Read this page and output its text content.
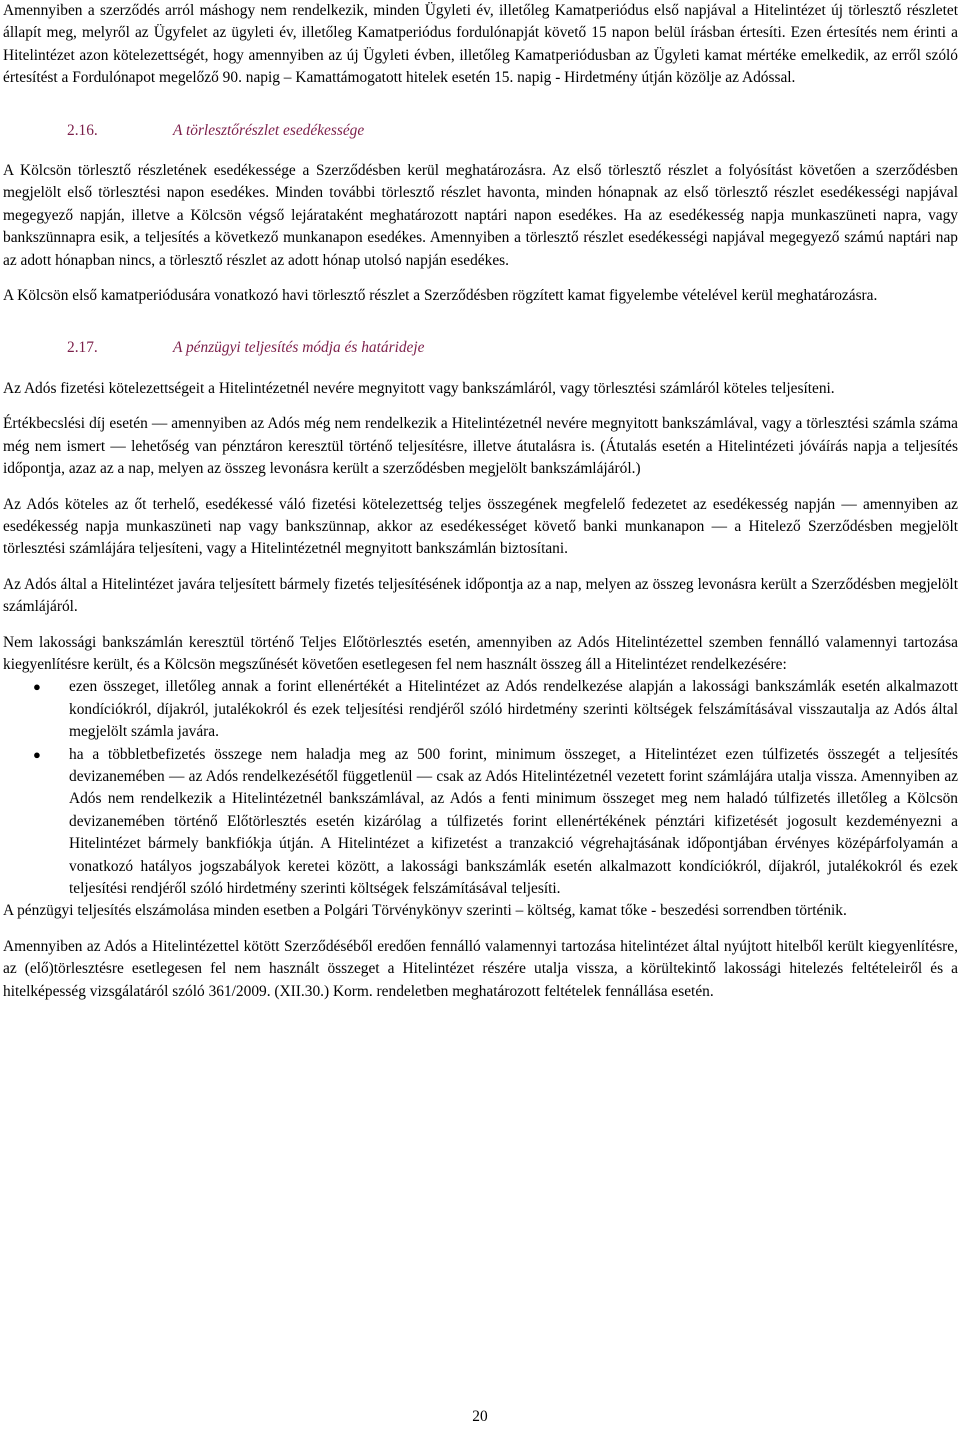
Amennyiben a szerződés arról máshogy nem rendelkezik, minden Ügyleti év, illetőleg Kamatperiódus első napjával a Hitelintézet új törlesztő részletet állapít meg, melyről az Ügyfelet az ügyleti év, illetőleg Kamatperiódus fordulónapját követő 15 napon belül írásban értesíti. Ezen értesítés nem érinti a Hitelintézet azon kötelezettségét, hogy amennyiben az új Ügyleti évben, illetőleg Kamatperiódusban az Ügyleti kamat mértéke emelkedik, az erről szóló értesítést a Fordulónapot megelőző 90. napig – Kamattámogatott hitelek esetén 15. napig - Hirdetmény útján közölje az Adóssal.

2.16.	A törlesztőrészlet esedékessége

A Kölcsön törlesztő részletének esedékessége a Szerződésben kerül meghatározásra. Az első törlesztő részlet a folyósítást követően a szerződésben megjelölt első törlesztési napon esedékes. Minden további törlesztő részlet havonta, minden hónapnak az első törlesztő részlet esedékességi napjával megegyező napján, illetve a Kölcsön végső lejárataként meghatározott naptári napon esedékes. Ha az esedékesség napja munkaszüneti napra, vagy bankszünnapra esik, a teljesítés a következő munkanapon esedékes. Amennyiben a törlesztő részlet esedékességi napjával megegyező számú naptári nap az adott hónapban nincs, a törlesztő részlet az adott hónap utolsó napján esedékes.

A Kölcsön első kamatperiódusára vonatkozó havi törlesztő részlet a Szerződésben rögzített kamat figyelembe vételével kerül meghatározásra.

2.17.	A pénzügyi teljesítés módja és határideje

Az Adós fizetési kötelezettségeit a Hitelintézetnél nevére megnyitott vagy bankszámláról, vagy törlesztési számláról köteles teljesíteni.

Értékbecslési díj esetén — amennyiben az Adós még nem rendelkezik a Hitelintézetnél nevére megnyitott bankszámlával, vagy a törlesztési számla száma még nem ismert — lehetőség van pénztáron keresztül történő teljesítésre, illetve átutalásra is. (Átutalás esetén a Hitelintézeti jóváírás napja a teljesítés időpontja, azaz az a nap, melyen az összeg levonásra került a szerződésben megjelölt bankszámlájáról.)

Az Adós köteles az őt terhelő, esedékessé váló fizetési kötelezettség teljes összegének megfelelő fedezetet az esedékesség napján — amennyiben az esedékesség napja munkaszüneti nap vagy bankszünnap, akkor az esedékességet követő banki munkanapon — a Hitelező Szerződésben megjelölt törlesztési számlájára teljesíteni, vagy a Hitelintézetnél megnyitott bankszámlán biztosítani.

Az Adós által a Hitelintézet javára teljesített bármely fizetés teljesítésének időpontja az a nap, melyen az összeg levonásra került a Szerződésben megjelölt számlájáról.

Nem lakossági bankszámlán keresztül történő Teljes Előtörlesztés esetén, amennyiben az Adós Hitelintézettel szemben fennálló valamennyi tartozása kiegyenlítésre került, és a Kölcsön megszűnését követően esetlegesen fel nem használt összeg áll a Hitelintézet rendelkezésére:

● ezen összeget, illetőleg annak a forint ellenértékét a Hitelintézet az Adós rendelkezése alapján a lakossági bankszámlák esetén alkalmazott kondíciókról, díjakról, jutalékokról és ezek teljesítési rendjéről szóló hirdetmény szerinti költségek felszámításával visszautalja az Adós által megjelölt számla javára.
● ha a többletbefizetés összege nem haladja meg az 500 forint, minimum összeget, a Hitelintézet ezen túlfizetés összegét a teljesítés devizanemében — az Adós rendelkezésétől függetlenül — csak az Adós Hitelintézetnél vezetett forint számlájára utalja vissza. Amennyiben az Adós nem rendelkezik a Hitelintézetnél bankszámlával, az Adós a fenti minimum összeget meg nem haladó túlfizetés illetőleg a Kölcsön devizanemében történő Előtörlesztés esetén kizárólag a túlfizetés forint ellenértékének pénztári kifizetését jogosult kezdeményezni a Hitelintézet bármely bankfiókja útján. A Hitelintézet a kifizetést a tranzakció végrehajtásának időpontjában érvényes középárfolyamán a vonatkozó hatályos jogszabályok keretei között, a lakossági bankszámlák esetén alkalmazott kondíciókról, díjakról, jutalékokról és ezek teljesítési rendjéről szóló hirdetmény szerinti költségek felszámításával teljesíti.

A pénzügyi teljesítés elszámolása minden esetben a Polgári Törvénykönyv szerinti – költség, kamat tőke - beszedési sorrendben történik.

Amennyiben az Adós a Hitelintézettel kötött Szerződéséből eredően fennálló valamennyi tartozása hitelintézet által nyújtott hitelből került kiegyenlítésre, az (elő)törlesztésre esetlegesen fel nem használt összeget a Hitelintézet részére utalja vissza, a körültekintő lakossági hitelezés feltételeiről és a hitelképesség vizsgálatáról szóló 361/2009. (XII.30.) Korm. rendeletben meghatározott feltételek fennállása esetén.

20
